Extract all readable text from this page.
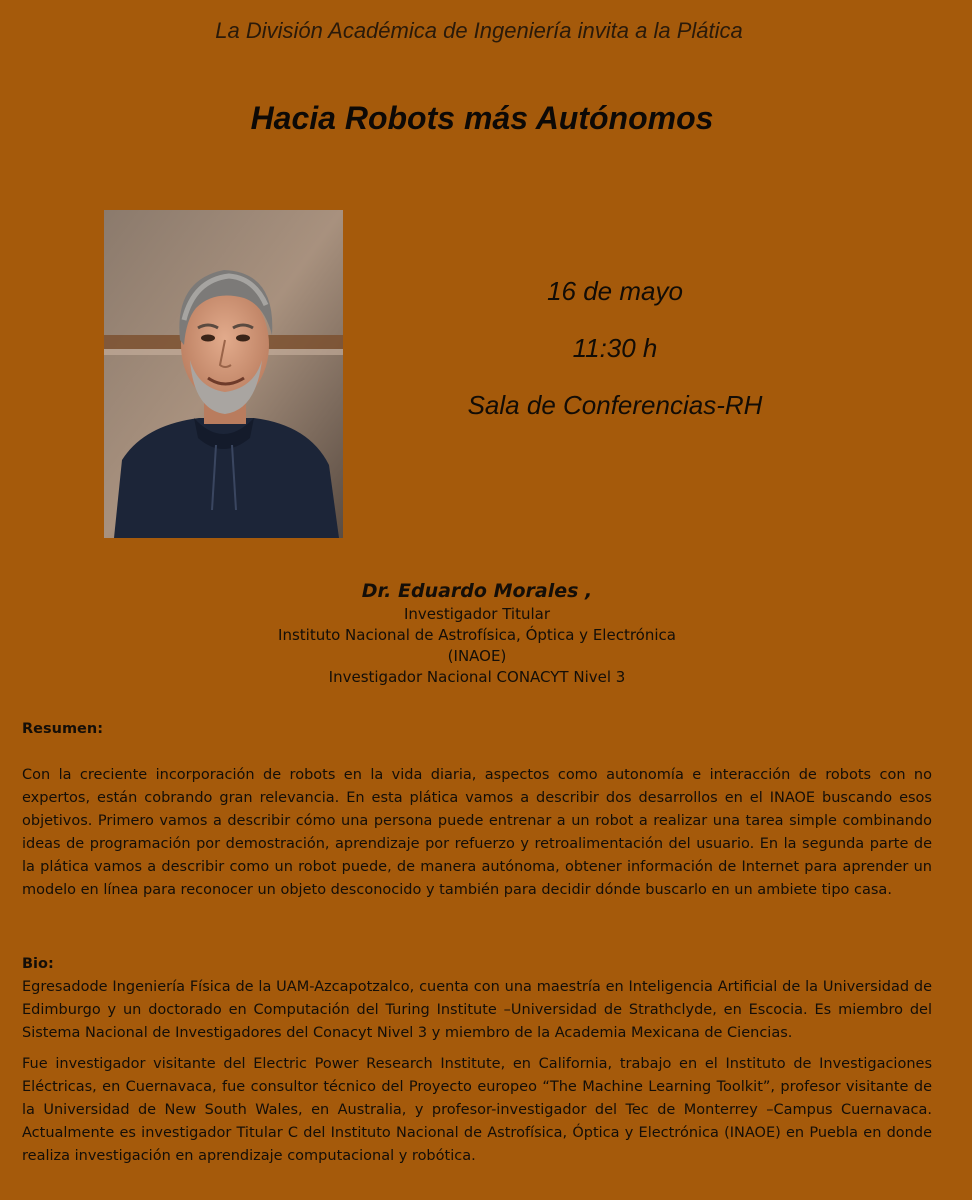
La División Académica de Ingeniería invita a la Plática
Hacia Robots más Autónomos
16 de mayo
11:30 h
Sala de Conferencias-RH
Dr. Eduardo Morales ,
Investigador Titular
Instituto Nacional de Astrofísica, Óptica y Electrónica
(INAOE)
Investigador Nacional CONACYT Nivel 3
Resumen:

Con la creciente incorporación de robots en la vida diaria, aspectos como autonomía e interacción de robots con no expertos, están cobrando gran relevancia. En esta plática vamos a describir dos desarrollos en el INAOE buscando esos objetivos. Primero vamos a describir cómo una persona puede entrenar a un robot a realizar una tarea simple combinando ideas de programación por demostración, aprendizaje por refuerzo y retroalimentación del usuario. En la segunda parte de la plática vamos a describir como un robot puede, de manera autónoma, obtener información de Internet para aprender un modelo en línea para reconocer un objeto desconocido y también para decidir dónde buscarlo en un ambiete tipo casa.

Bio:

Egresadode Ingeniería Física de la UAM-Azcapotzalco, cuenta con una maestría en Inteligencia Artificial de la Universidad de Edimburgo y un doctorado en Computación del Turing Institute –Universidad de Strathclyde, en Escocia. Es miembro del Sistema Nacional de Investigadores del Conacyt Nivel 3 y miembro de la Academia Mexicana de Ciencias.

Fue investigador visitante del Electric Power Research Institute, en California, trabajo en el Instituto de Investigaciones Eléctricas, en Cuernavaca, fue consultor técnico del Proyecto europeo “The Machine Learning Toolkit”, profesor visitante de la Universidad de New South Wales, en Australia, y profesor-investigador del Tec de Monterrey –Campus Cuernavaca. Actualmente es investigador Titular C del Instituto Nacional de Astrofísica, Óptica y Electrónica (INAOE) en Puebla en donde realiza investigación en aprendizaje computacional y robótica.
